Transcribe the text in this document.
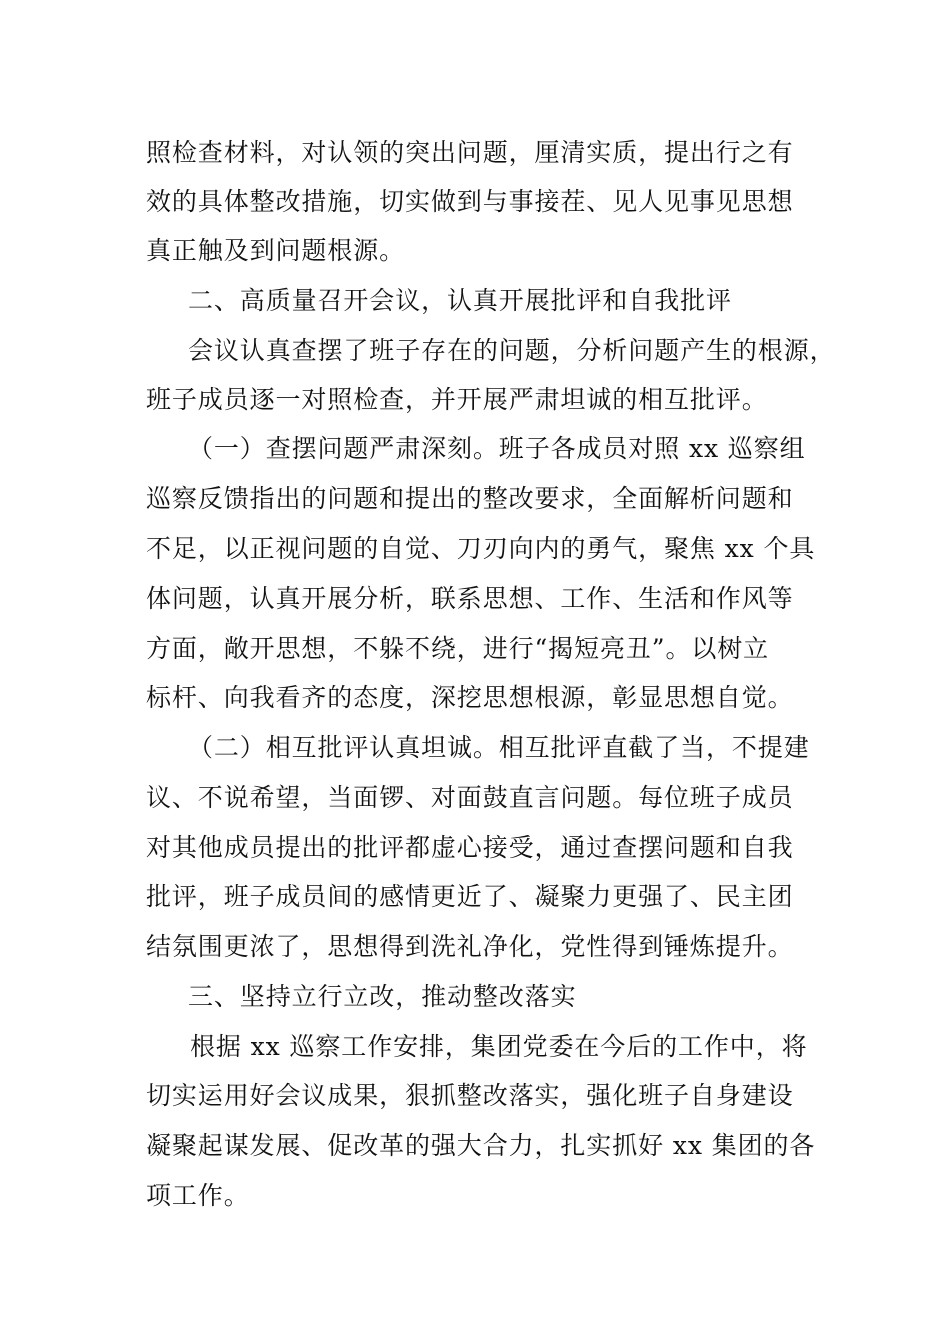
照检查材料，对认领的突出问题，厘清实质，提出行之有
效的具体整改措施，切实做到与事接茬、见人见事见思想
真正触及到问题根源。
二、高质量召开会议，认真开展批评和自我批评
会议认真查摆了班子存在的问题，分析问题产生的根源，
班子成员逐一对照检查，并开展严肃坦诚的相互批评。
（一）查摆问题严肃深刻。班子各成员对照 xx 巡察组
巡察反馈指出的问题和提出的整改要求，全面解析问题和
不足，以正视问题的自觉、刀刃向内的勇气，聚焦 xx 个具
体问题，认真开展分析，联系思想、工作、生活和作风等
方面，敞开思想，不躲不绕，进行“揭短亮丑”。以树立
标杆、向我看齐的态度，深挖思想根源，彰显思想自觉。
（二）相互批评认真坦诚。相互批评直截了当，不提建
议、不说希望，当面锣、对面鼓直言问题。每位班子成员
对其他成员提出的批评都虚心接受，通过查摆问题和自我
批评，班子成员间的感情更近了、凝聚力更强了、民主团
结氛围更浓了，思想得到洗礼净化，党性得到锤炼提升。
三、坚持立行立改，推动整改落实
根据 xx 巡察工作安排，集团党委在今后的工作中，将
切实运用好会议成果，狠抓整改落实，强化班子自身建设
凝聚起谋发展、促改革的强大合力，扎实抓好 xx 集团的各
项工作。
